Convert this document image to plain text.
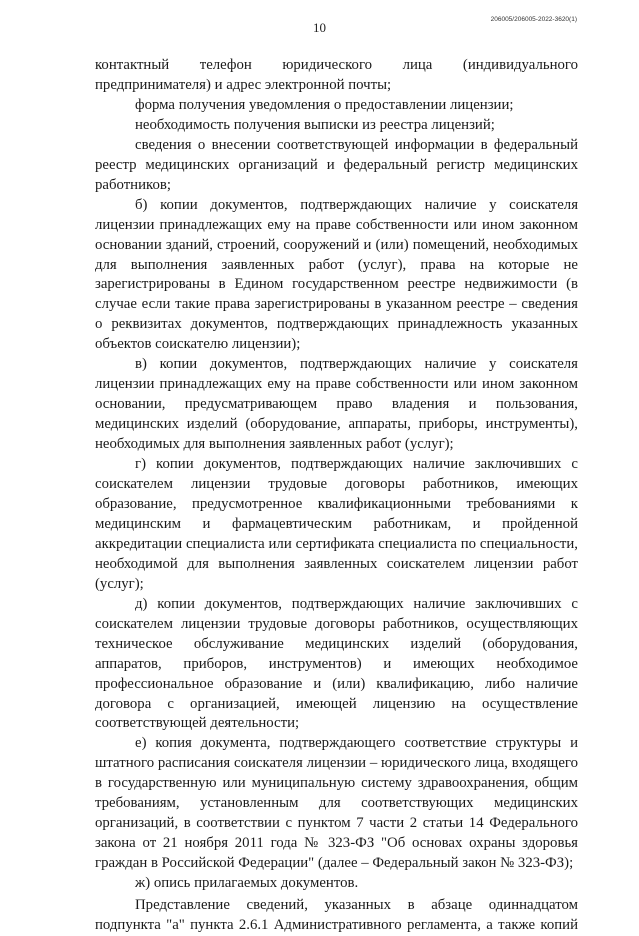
10
206005/206005-2022-3620(1)

контактный телефон юридического лица (индивидуального предпринимателя) и адрес электронной почты;

форма получения уведомления о предоставлении лицензии;

необходимость получения выписки из реестра лицензий;

сведения о внесении соответствующей информации в федеральный реестр медицинских организаций и федеральный регистр медицинских работников;

б) копии документов, подтверждающих наличие у соискателя лицензии принадлежащих ему на праве собственности или ином законном основании зданий, строений, сооружений и (или) помещений, необходимых для выполнения заявленных работ (услуг), права на которые не зарегистрированы в Едином государственном реестре недвижимости (в случае если такие права зарегистрированы в указанном реестре – сведения о реквизитах документов, подтверждающих принадлежность указанных объектов соискателю лицензии);

в) копии документов, подтверждающих наличие у соискателя лицензии принадлежащих ему на праве собственности или ином законном основании, предусматривающем право владения и пользования, медицинских изделий (оборудование, аппараты, приборы, инструменты), необходимых для выполнения заявленных работ (услуг);

г) копии документов, подтверждающих наличие заключивших с соискателем лицензии трудовые договоры работников, имеющих образование, предусмотренное квалификационными требованиями к медицинским и фармацевтическим работникам, и пройденной аккредитации специалиста или сертификата специалиста по специальности, необходимой для выполнения заявленных соискателем лицензии работ (услуг);

д) копии документов, подтверждающих наличие заключивших с соискателем лицензии трудовые договоры работников, осуществляющих техническое обслуживание медицинских изделий (оборудования, аппаратов, приборов, инструментов) и имеющих необходимое профессиональное образование и (или) квалификацию, либо наличие договора с организацией, имеющей лицензию на осуществление соответствующей деятельности;

е) копия документа, подтверждающего соответствие структуры и штатного расписания соискателя лицензии – юридического лица, входящего в государственную или муниципальную систему здравоохранения, общим требованиям, установленным для соответствующих медицинских организаций, в соответствии с пунктом 7 части 2 статьи 14 Федерального закона от 21 ноября 2011 года № 323-ФЗ "Об основах охраны здоровья граждан в Российской Федерации" (далее – Федеральный закон № 323-ФЗ);

ж) опись прилагаемых документов.

Представление сведений, указанных в абзаце одиннадцатом подпункта "а" пункта 2.6.1 Административного регламента, а также копий
